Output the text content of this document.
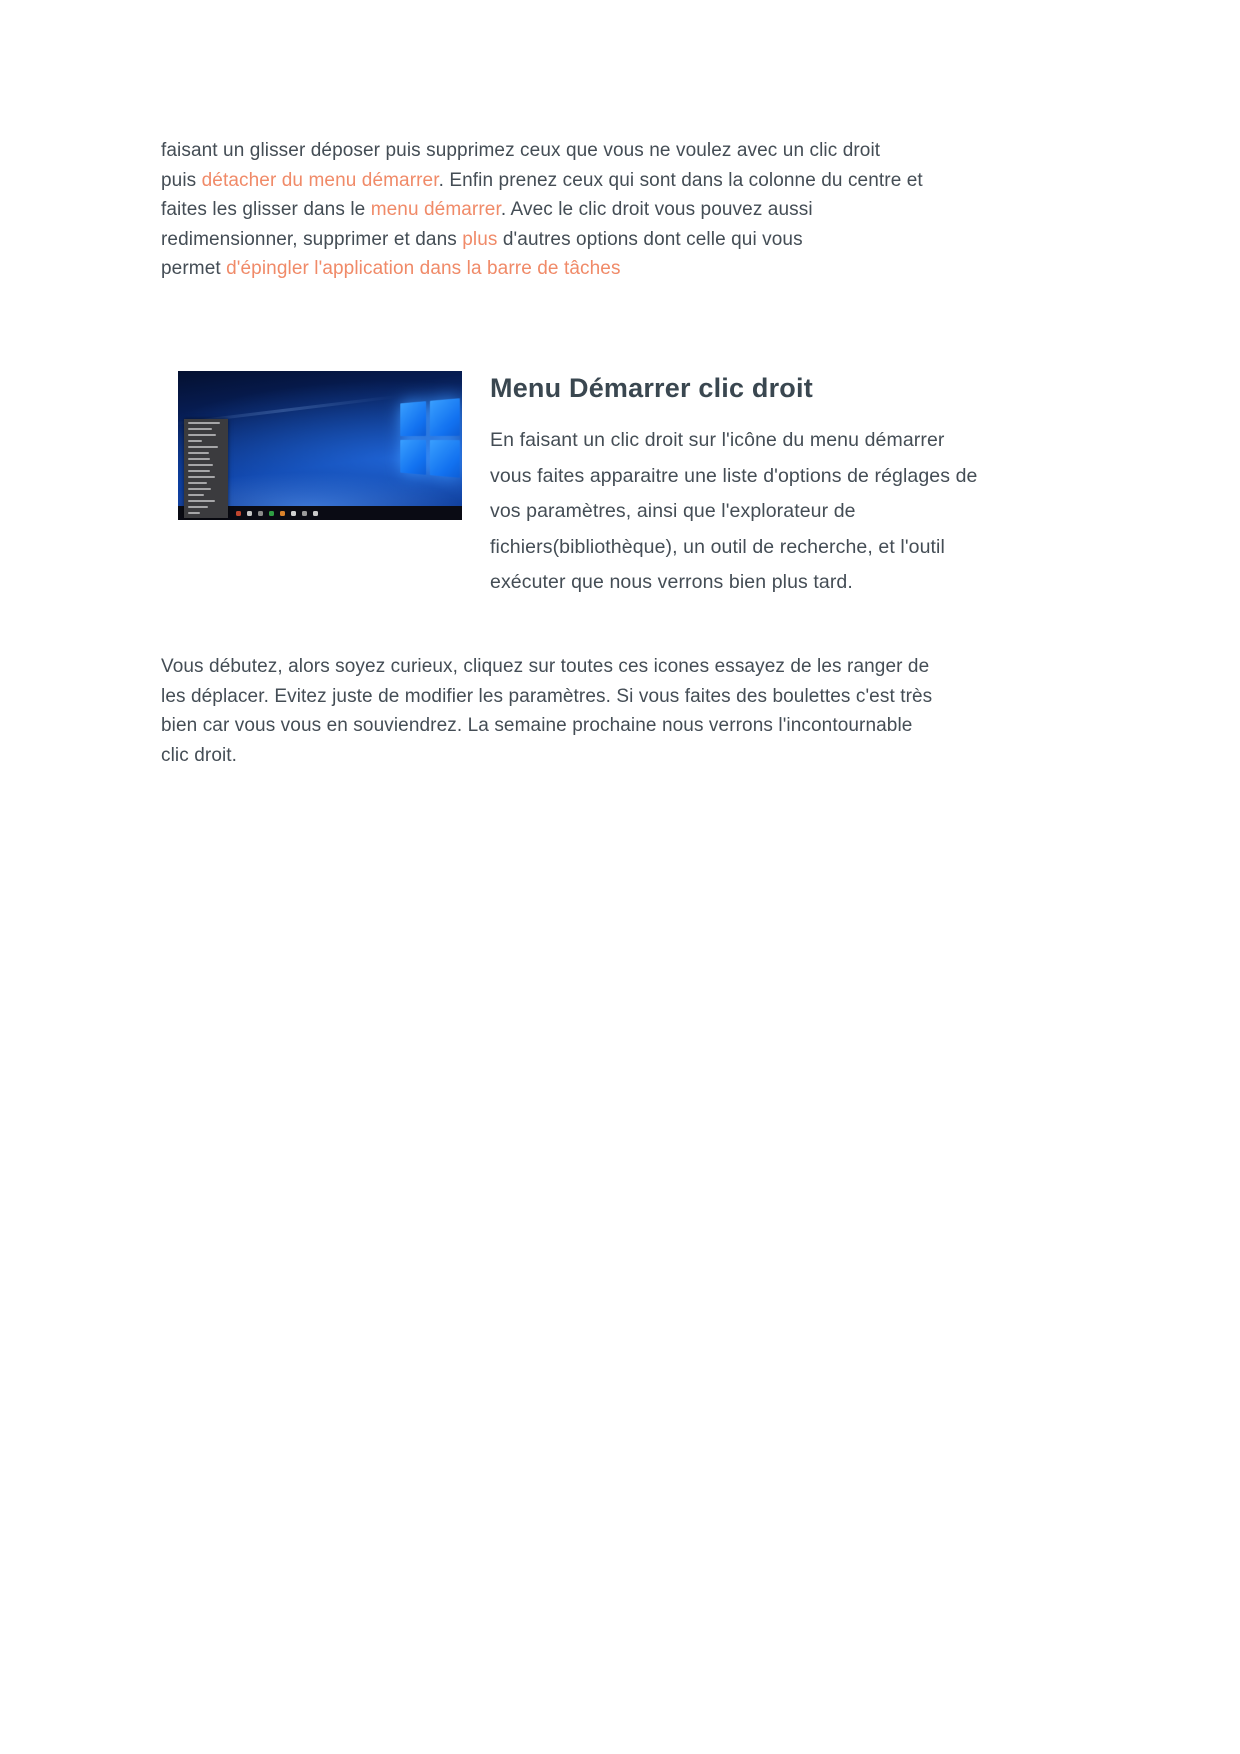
faisant un glisser déposer puis supprimez ceux que vous ne voulez avec un clic droit
puis détacher du menu démarrer. Enfin prenez ceux qui sont dans la colonne du centre et
faites les glisser dans le menu démarrer. Avec le clic droit vous pouvez aussi
redimensionner, supprimer et dans plus d'autres options dont celle qui vous
permet d'épingler l'application dans la barre de tâches

Menu Démarrer clic droit

En faisant un clic droit sur l'icône du menu démarrer
vous faites apparaitre une liste d'options de réglages de
vos paramètres, ainsi que l'explorateur de
fichiers(bibliothèque), un outil de recherche, et l'outil
exécuter que nous verrons bien plus tard.

Vous débutez, alors soyez curieux, cliquez sur toutes ces icones essayez de les ranger de
les déplacer. Evitez juste de modifier les paramètres. Si vous faites des boulettes c'est très
bien car vous vous en souviendrez. La semaine prochaine nous verrons l'incontournable
clic droit.
